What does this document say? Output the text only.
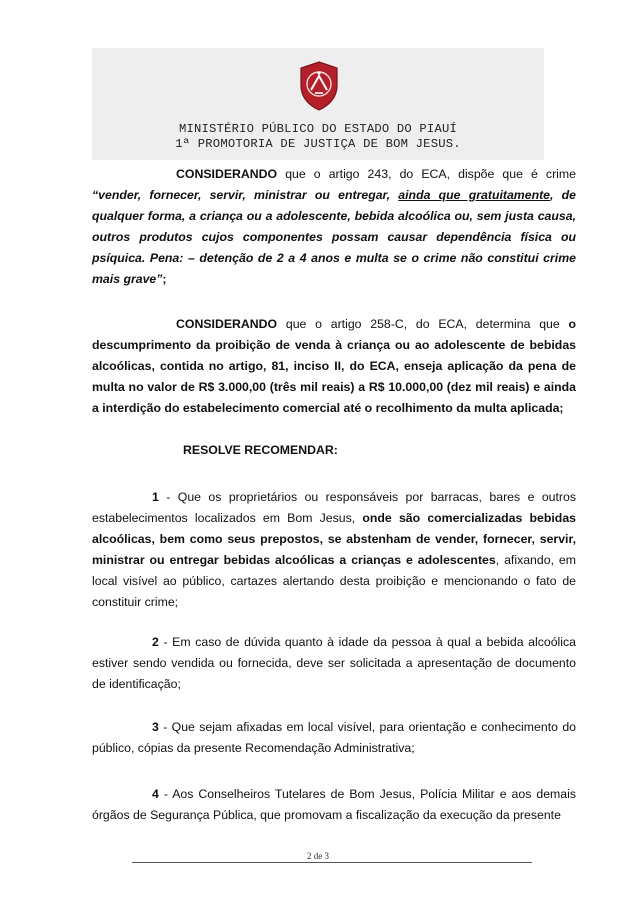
MINISTÉRIO PÚBLICO DO ESTADO DO PIAUÍ
1ª PROMOTORIA DE JUSTIÇA DE BOM JESUS.

CONSIDERANDO que o artigo 243, do ECA, dispõe que é crime “vender, fornecer, servir, ministrar ou entregar, ainda que gratuitamente, de qualquer forma, a criança ou a adolescente, bebida alcoólica ou, sem justa causa, outros produtos cujos componentes possam causar dependência física ou psíquica. Pena: – detenção de 2 a 4 anos e multa se o crime não constitui crime mais grave”;

CONSIDERANDO que o artigo 258-C, do ECA, determina que o descumprimento da proibição de venda à criança ou ao adolescente de bebidas alcoólicas, contida no artigo, 81, inciso II, do ECA, enseja aplicação da pena de multa no valor de R$ 3.000,00 (três mil reais) a R$ 10.000,00 (dez mil reais) e ainda a interdição do estabelecimento comercial até o recolhimento da multa aplicada;

RESOLVE RECOMENDAR:

1 - Que os proprietários ou responsáveis por barracas, bares e outros estabelecimentos localizados em Bom Jesus, onde são comercializadas bebidas alcoólicas, bem como seus prepostos, se abstenham de vender, fornecer, servir, ministrar ou entregar bebidas alcoólicas a crianças e adolescentes, afixando, em local visível ao público, cartazes alertando desta proibição e mencionando o fato de constituir crime;

2 - Em caso de dúvida quanto à idade da pessoa à qual a bebida alcoólica estiver sendo vendida ou fornecida, deve ser solicitada a apresentação de documento de identificação;

3 - Que sejam afixadas em local visível, para orientação e conhecimento do público, cópias da presente Recomendação Administrativa;

4 - Aos Conselheiros Tutelares de Bom Jesus, Polícia Militar e aos demais órgãos de Segurança Pública, que promovam a fiscalização da execução da presente

2 de 3
